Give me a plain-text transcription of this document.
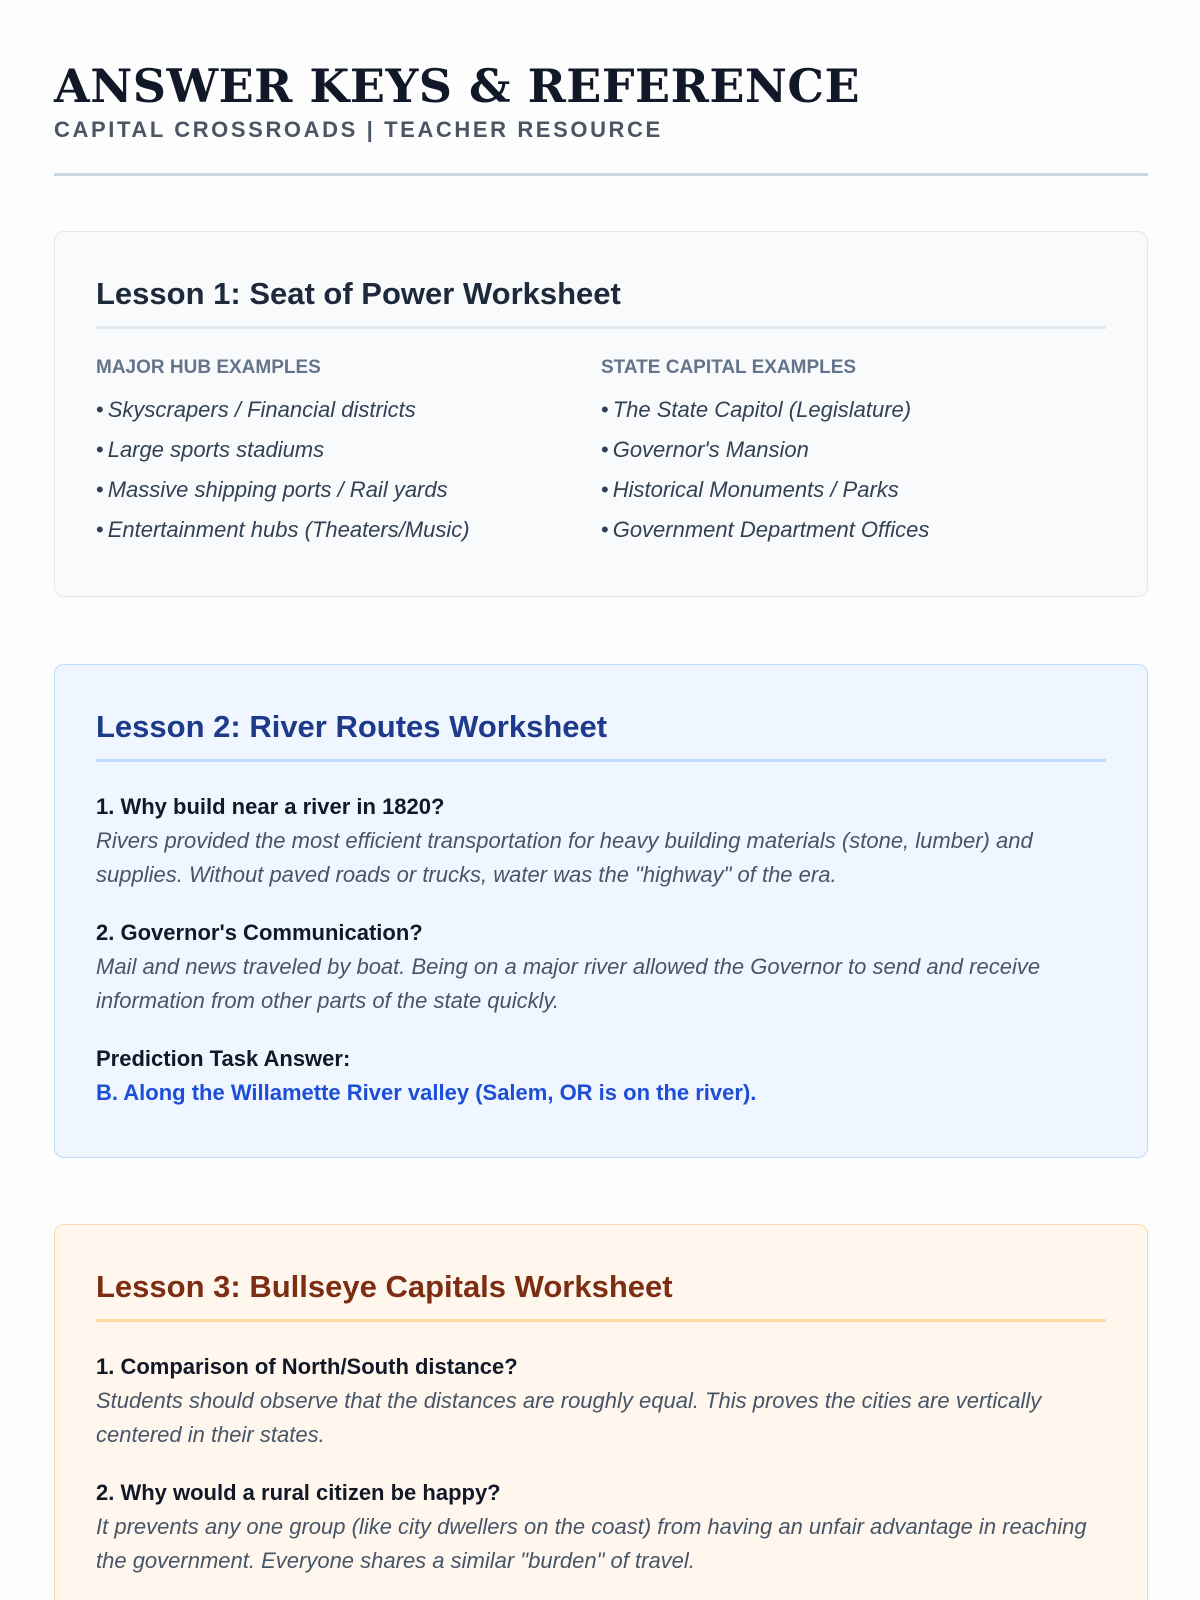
ANSWER KEYS & REFERENCE
CAPITAL CROSSROADS | TEACHER RESOURCE
Lesson 1: Seat of Power Worksheet
MAJOR HUB EXAMPLES
• Skyscrapers / Financial districts
• Large sports stadiums
• Massive shipping ports / Rail yards
• Entertainment hubs (Theaters/Music)
STATE CAPITAL EXAMPLES
• The State Capitol (Legislature)
• Governor's Mansion
• Historical Monuments / Parks
• Government Department Offices
Lesson 2: River Routes Worksheet
1. Why build near a river in 1820?
Rivers provided the most efficient transportation for heavy building materials (stone, lumber) and supplies. Without paved roads or trucks, water was the "highway" of the era.
2. Governor's Communication?
Mail and news traveled by boat. Being on a major river allowed the Governor to send and receive information from other parts of the state quickly.
Prediction Task Answer:
B. Along the Willamette River valley (Salem, OR is on the river).
Lesson 3: Bullseye Capitals Worksheet
1. Comparison of North/South distance?
Students should observe that the distances are roughly equal. This proves the cities are vertically centered in their states.
2. Why would a rural citizen be happy?
It prevents any one group (like city dwellers on the coast) from having an unfair advantage in reaching the government. Everyone shares a similar "burden" of travel.
